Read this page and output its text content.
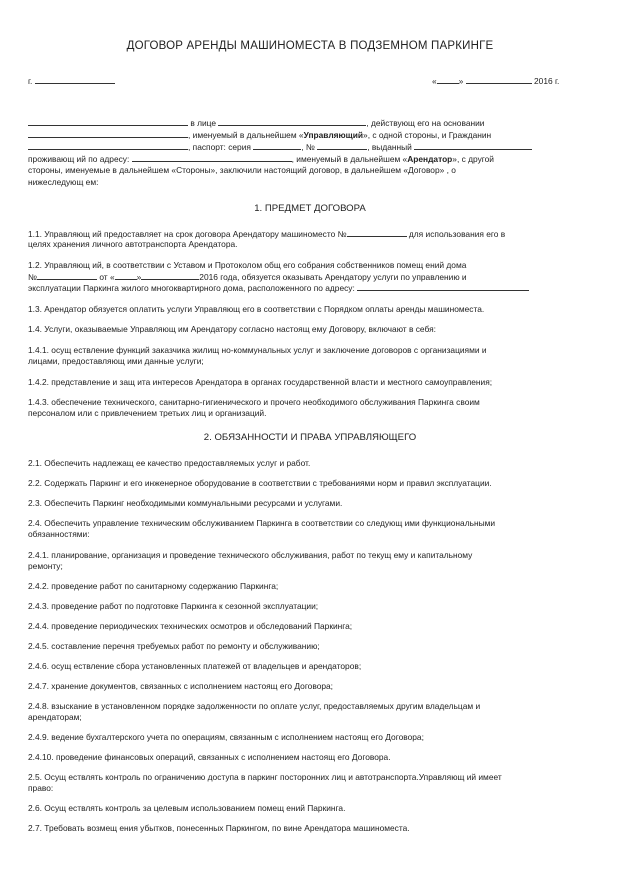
ДОГОВОР АРЕНДЫ МАШИНОМЕСТА В ПОДЗЕМНОМ ПАРКИНГЕ
г.	«	»	2016 г.
в лице	, действующ его на основании
, именуемый в дальнейшем «Управляющий», с одной стороны, и Гражданин
, паспорт: серия	, №	, выданный
проживающ ий по адресу:	, именуемый в дальнейшем «Арендатор», с другой
стороны, именуемые в дальнейшем «Стороны», заключили настоящий договор, в дальнейшем «Договор» , о
нижеследующ ем:
1. ПРЕДМЕТ ДОГОВОРА
1.1. Управляющ ий предоставляет на срок договора Арендатору машиноместо №	для использования его в
целях хранения личного автотранспорта Арендатора.
1.2. Управляющ ий, в соответствии с Уставом и Протоколом общ его собрания собственников помещ ений дома
№	от «	»	2016 года, обязуется оказывать Арендатору услуги по управлению и
эксплуатации Паркинга жилого многоквартирного дома, расположенного по адресу:
1.3. Арендатор обязуется оплатить услуги Управляющ его в соответствии с Порядком оплаты аренды машиноместа.
1.4. Услуги, оказываемые Управляющ им Арендатору согласно настоящ ему Договору, включают в себя:
1.4.1. осущ ествление функций заказчика жилищ но-коммунальных услуг и заключение договоров с организациями и
лицами, предоставляющ ими данные услуги;
1.4.2. представление и защ ита интересов Арендатора в органах государственной власти и местного самоуправления;
1.4.3. обеспечение технического, санитарно-гигиенического и прочего необходимого обслуживания Паркинга своим
персоналом или с привлечением третьих лиц и организаций.
2. ОБЯЗАННОСТИ И ПРАВА УПРАВЛЯЮЩЕГО
2.1. Обеспечить надлежащ ее качество предоставляемых услуг и работ.
2.2. Содержать Паркинг и его инженерное оборудование в соответствии с требованиями норм и правил эксплуатации.
2.3. Обеспечить Паркинг необходимыми коммунальными ресурсами и услугами.
2.4. Обеспечить управление техническим обслуживанием Паркинга в соответствии со следующ ими функциональными
обязанностями:
2.4.1. планирование, организация и проведение технического обслуживания, работ по текущ ему и капитальному
ремонту;
2.4.2. проведение работ по санитарному содержанию Паркинга;
2.4.3. проведение работ по подготовке Паркинга к сезонной эксплуатации;
2.4.4. проведение периодических технических осмотров и обследований Паркинга;
2.4.5. составление перечня требуемых работ по ремонту и обслуживанию;
2.4.6. осущ ествление сбора установленных платежей от владельцев и арендаторов;
2.4.7. хранение документов, связанных с исполнением настоящ его Договора;
2.4.8. взыскание в установленном порядке задолженности по оплате услуг, предоставляемых другим владельцам и
арендаторам;
2.4.9. ведение бухгалтерского учета по операциям, связанным с исполнением настоящ его Договора;
2.4.10. проведение финансовых операций, связанных с исполнением настоящ его Договора.
2.5. Осущ ествлять контроль по ограничению доступа в паркинг посторонних лиц и автотранспорта.Управляющ ий имеет
право:
2.6. Осущ ествлять контроль за целевым использованием помещ ений Паркинга.
2.7. Требовать возмещ ения убытков, понесенных Паркингом, по вине Арендатора машиноместа.
